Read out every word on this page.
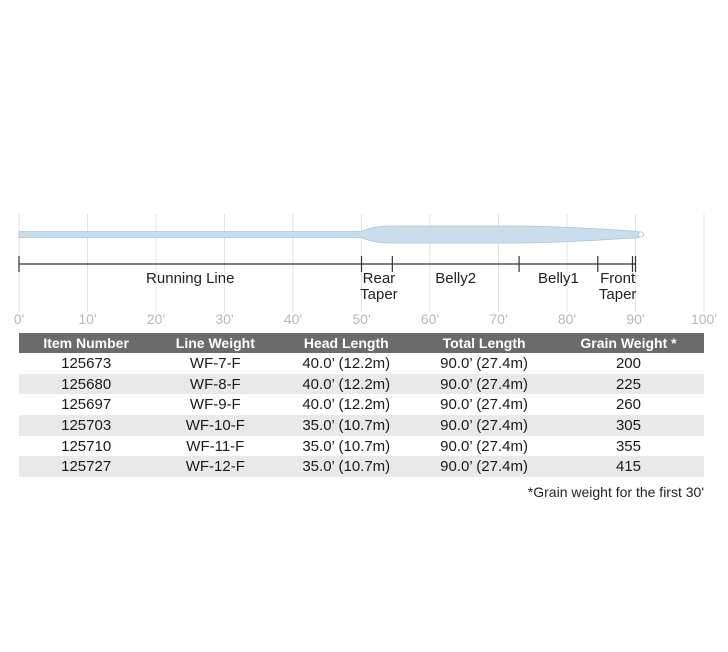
Running Line	Rear
Taper
Belly2	Belly1 Front
Taper
0'	10'	20'	30'	40'	50'	60'	70'	80'	90'	100'
Item Number	Line Weight	Head Length	Total Length	Grain Weight *
125673	WF-7-F	40.0’ (12.2m)	90.0’ (27.4m)	200
125680	WF-8-F	40.0’ (12.2m)	90.0’ (27.4m)	225
125697	WF-9-F	40.0’ (12.2m)	90.0’ (27.4m)	260
125703	WF-10-F	35.0’ (10.7m)	90.0’ (27.4m)	305
125710	WF-11-F	35.0’ (10.7m)	90.0’ (27.4m)	355
125727	WF-12-F	35.0’ (10.7m)	90.0’ (27.4m)	415
*Grain weight for the first 30'
